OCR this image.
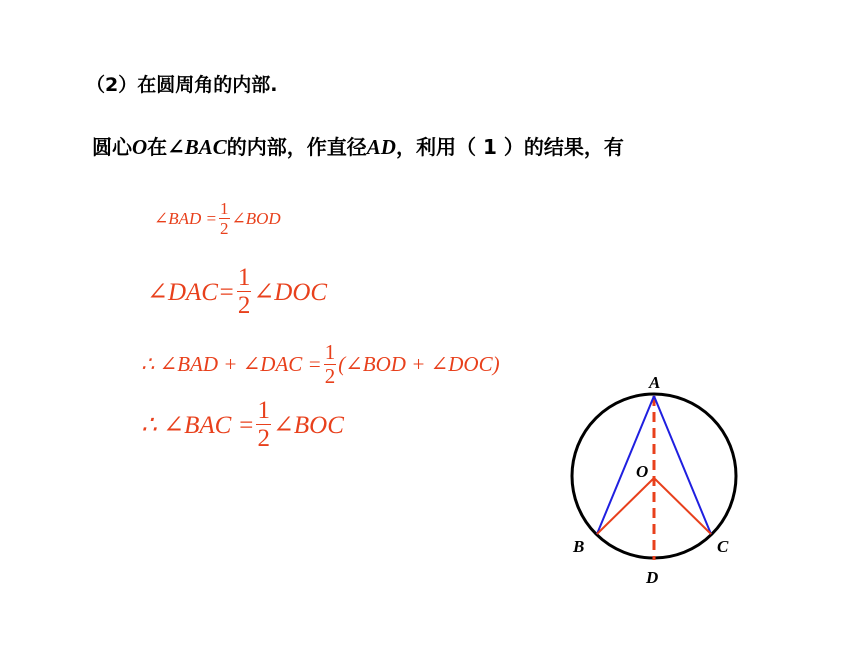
（2）在圆周角的内部.
圆心O在∠BAC的内部，作直径AD，利用（ 1 ）的结果，有
∠BAD = $\frac{1}{2}$ ∠BOD
∠DAC= $\frac{1}{2}$ ∠DOC
∴ ∠BAD + ∠DAC = $\frac{1}{2}$ (∠BOD + ∠DOC)
∴ ∠BAC = $\frac{1}{2}$ ∠BOC
A
O
B	C
D
